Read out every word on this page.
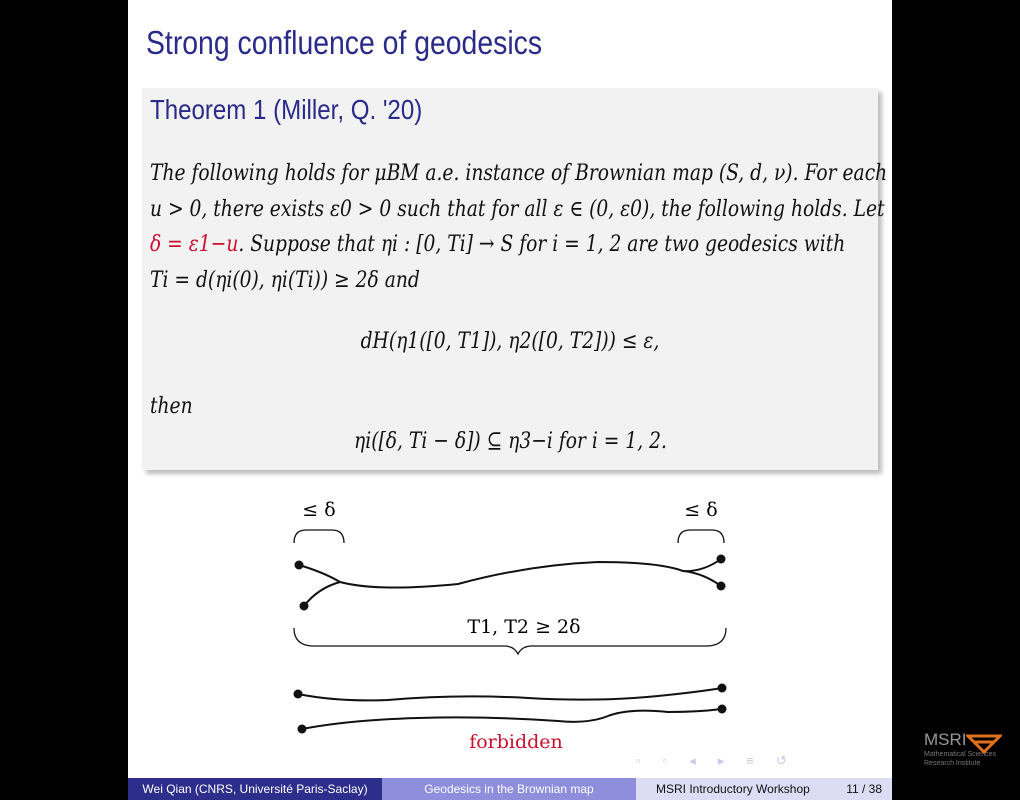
Strong confluence of geodesics
Theorem 1 (Miller, Q. '20)
The following holds for μBM a.e. instance of Brownian map (S, d, ν). For each
u > 0, there exists ε0 > 0 such that for all ε ∈ (0, ε0), the following holds. Let
δ = ε1−u. Suppose that ηi : [0, Ti] → S for i = 1, 2 are two geodesics with
Ti = d(ηi(0), ηi(Ti)) ≥ 2δ and
dH(η1([0, T1]), η2([0, T2])) ≤ ε,
then
ηi([δ, Ti − δ]) ⊆ η3−i for i = 1, 2.
≤ δ	≤ δ
T1, T2 ≥ 2δ
forbidden
▫▫◂▸≡↺
Wei Qian (CNRS, Université Paris-Saclay)	Geodesics in the Brownian map	MSRI Introductory Workshop	11 / 38
MSRI
Mathematical Sciences
Research Institute
